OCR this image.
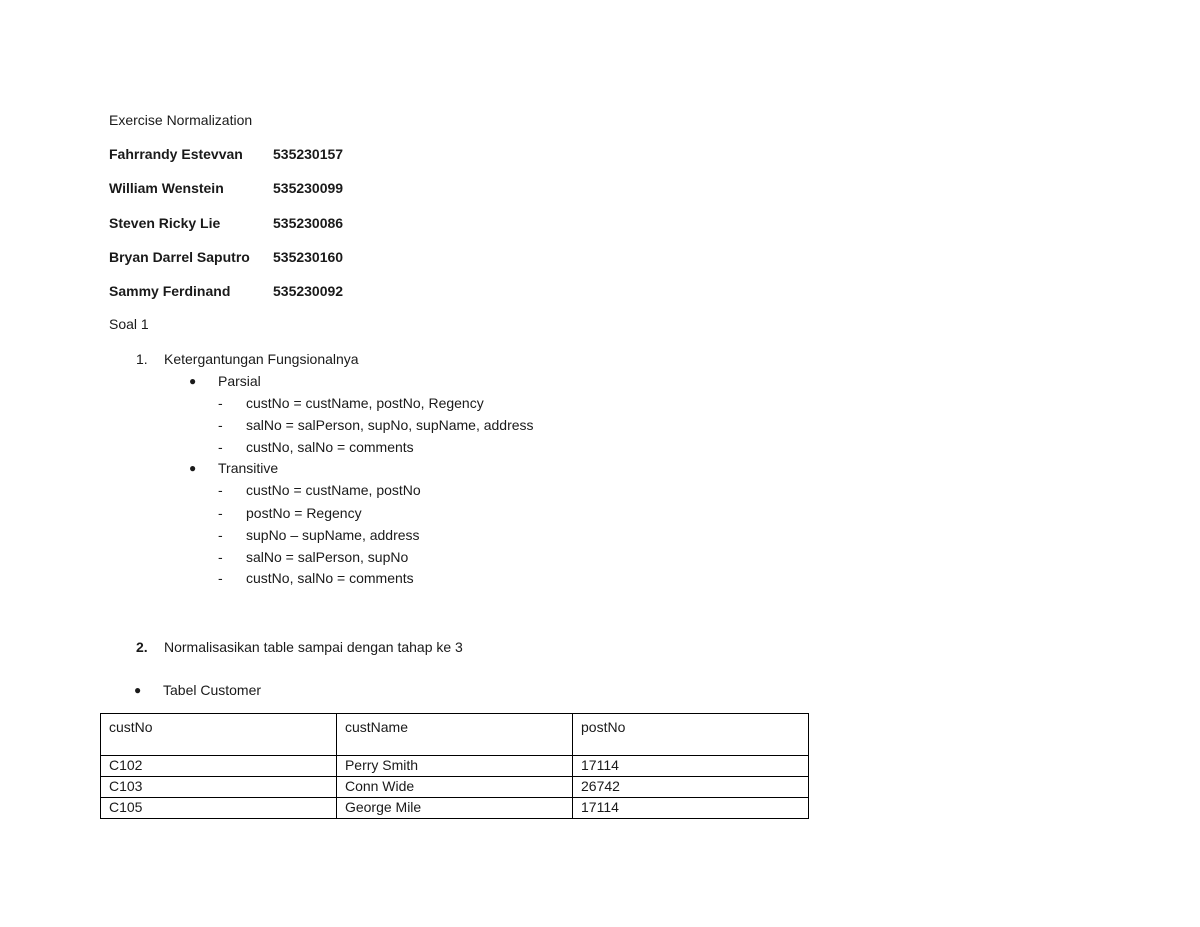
Exercise Normalization
Fahrrandy Estevvan 535230157
William Wenstein	535230099
Steven Ricky Lie	535230086
Bryan Darrel Saputro 535230160
Sammy Ferdinand	535230092
Soal 1
1. Ketergantungan Fungsionalnya
● Parsial
- custNo = custName, postNo, Regency
- salNo = salPerson, supNo, supName, address
- custNo, salNo = comments
● Transitive
- custNo = custName, postNo
- postNo = Regency
- supNo – supName, address
- salNo = salPerson, supNo
- custNo, salNo = comments
2. Normalisasikan table sampai dengan tahap ke 3
● Tabel Customer
custNo	custName	postNo
C102	Perry Smith	17114
C103	Conn Wide	26742
C105	George Mile	17114
